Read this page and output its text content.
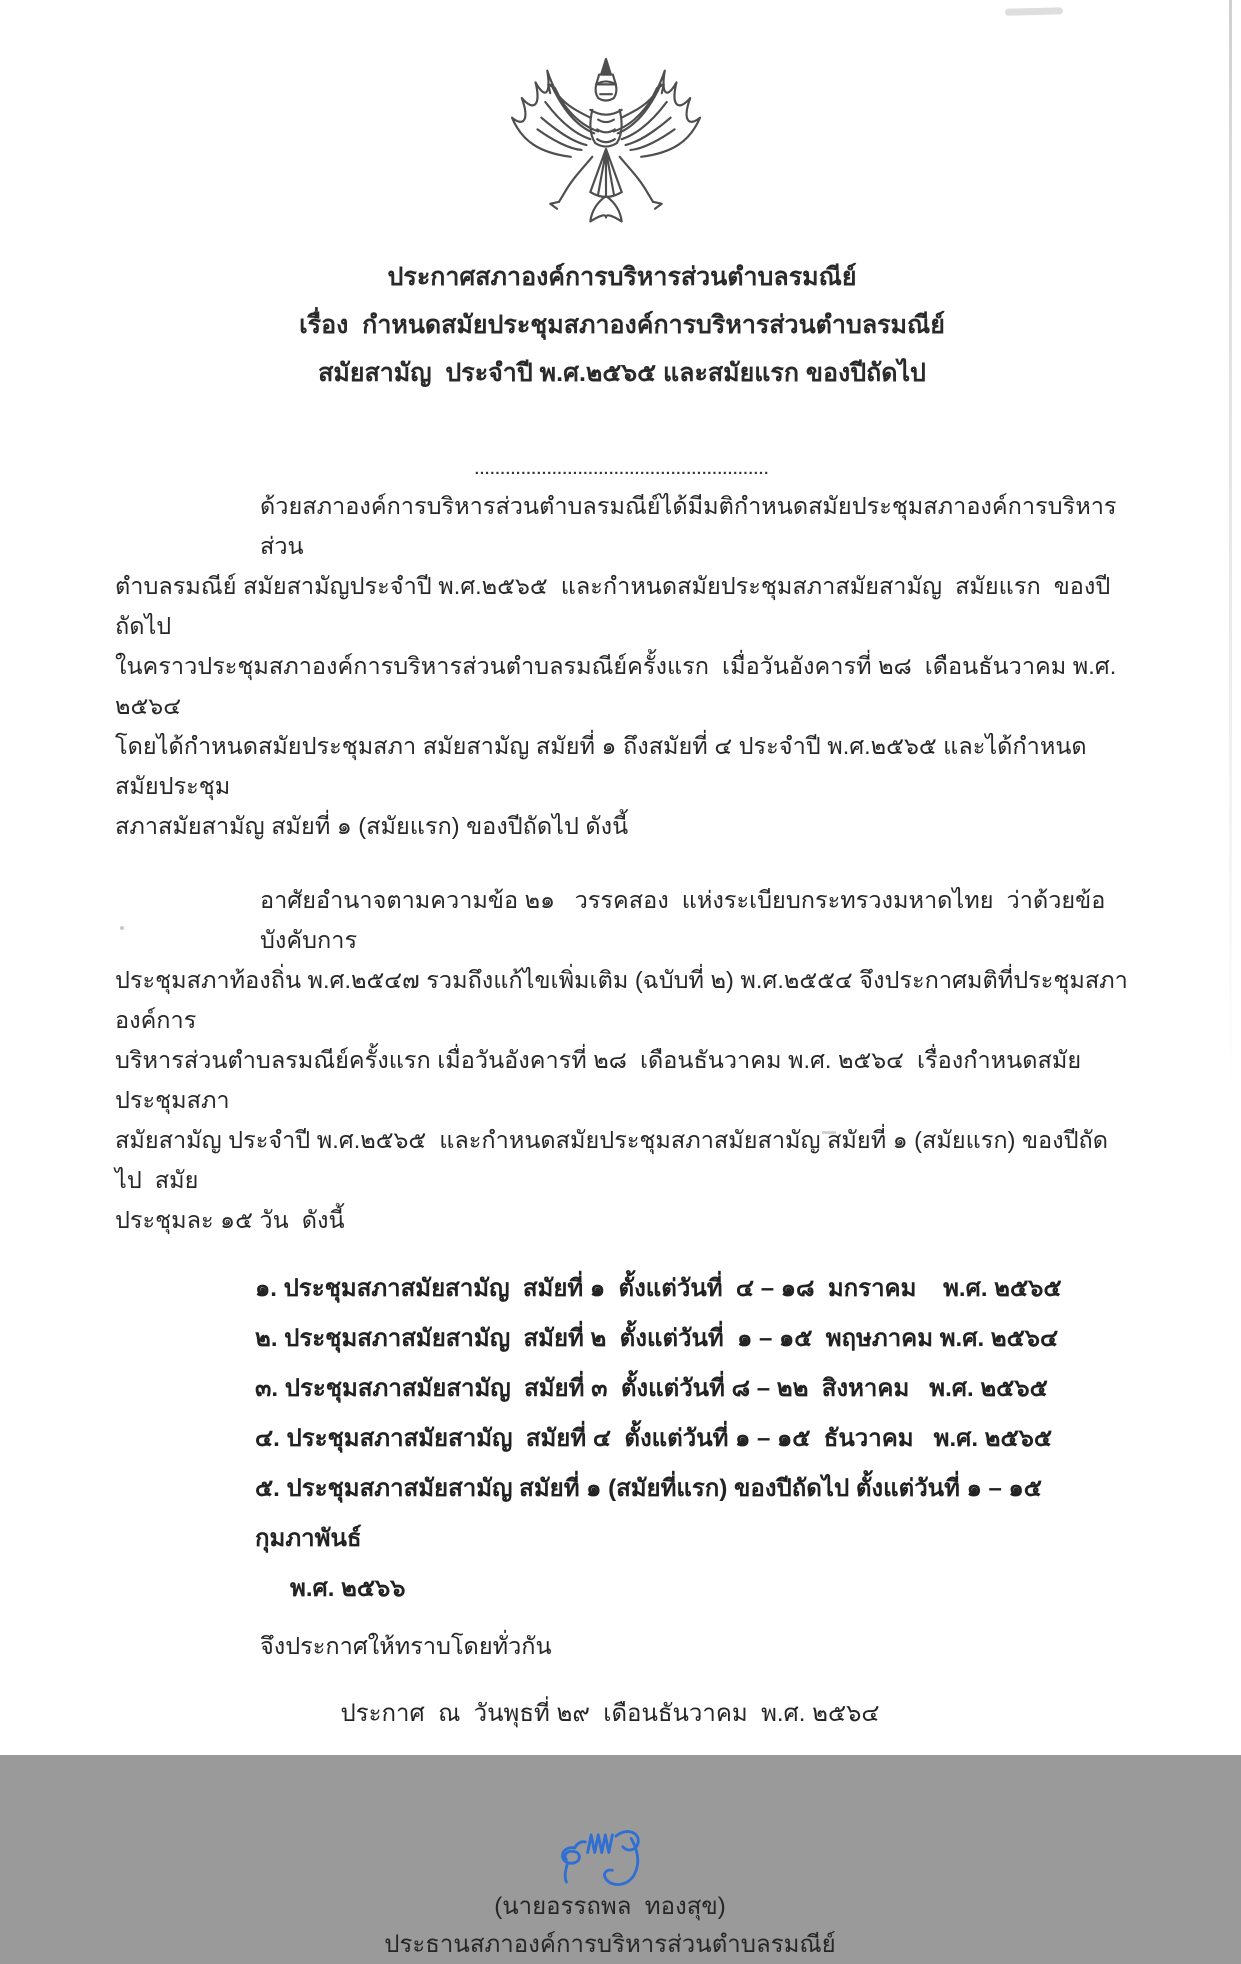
ประกาศสภาองค์การบริหารส่วนตำบลรมณีย์
เรื่อง  กำหนดสมัยประชุมสภาองค์การบริหารส่วนตำบลรมณีย์
สมัยสามัญ  ประจำปี พ.ศ.๒๕๖๕ และสมัยแรก ของปีถัดไป
.........................................................
ด้วยสภาองค์การบริหารส่วนตำบลรมณีย์ได้มีมติกำหนดสมัยประชุมสภาองค์การบริหารส่วน
ตำบลรมณีย์ สมัยสามัญประจำปี พ.ศ.๒๕๖๕  และกำหนดสมัยประชุมสภาสมัยสามัญ  สมัยแรก  ของปีถัดไป
ในคราวประชุมสภาองค์การบริหารส่วนตำบลรมณีย์ครั้งแรก  เมื่อวันอังคารที่ ๒๘  เดือนธันวาคม พ.ศ. ๒๕๖๔
โดยได้กำหนดสมัยประชุมสภา สมัยสามัญ สมัยที่ ๑ ถึงสมัยที่ ๔ ประจำปี พ.ศ.๒๕๖๕ และได้กำหนดสมัยประชุม
สภาสมัยสามัญ สมัยที่ ๑ (สมัยแรก) ของปีถัดไป ดังนี้
อาศัยอำนาจตามความข้อ ๒๑   วรรคสอง  แห่งระเบียบกระทรวงมหาดไทย  ว่าด้วยข้อบังคับการ
ประชุมสภาท้องถิ่น พ.ศ.๒๕๔๗ รวมถึงแก้ไขเพิ่มเติม (ฉบับที่ ๒) พ.ศ.๒๕๕๔ จึงประกาศมติที่ประชุมสภาองค์การ
บริหารส่วนตำบลรมณีย์ครั้งแรก เมื่อวันอังคารที่ ๒๘  เดือนธันวาคม พ.ศ. ๒๕๖๔  เรื่องกำหนดสมัยประชุมสภา
สมัยสามัญ ประจำปี พ.ศ.๒๕๖๕  และกำหนดสมัยประชุมสภาสมัยสามัญ สมัยที่ ๑ (สมัยแรก) ของปีถัดไป  สมัย
ประชุมละ ๑๕ วัน  ดังนี้
๑. ประชุมสภาสมัยสามัญ  สมัยที่ ๑  ตั้งแต่วันที่  ๔ – ๑๘  มกราคม    พ.ศ. ๒๕๖๕
๒. ประชุมสภาสมัยสามัญ  สมัยที่ ๒  ตั้งแต่วันที่  ๑ – ๑๕  พฤษภาคม พ.ศ. ๒๕๖๔
๓. ประชุมสภาสมัยสามัญ  สมัยที่ ๓  ตั้งแต่วันที่ ๘ – ๒๒  สิงหาคม   พ.ศ. ๒๕๖๕
๔. ประชุมสภาสมัยสามัญ  สมัยที่ ๔  ตั้งแต่วันที่ ๑ – ๑๕  ธันวาคม   พ.ศ. ๒๕๖๕
๕. ประชุมสภาสมัยสามัญ สมัยที่ ๑ (สมัยที่แรก) ของปีถัดไป ตั้งแต่วันที่ ๑ – ๑๕ กุมภาพันธ์
พ.ศ. ๒๕๖๖
จึงประกาศให้ทราบโดยทั่วกัน
ประกาศ  ณ  วันพุธที่ ๒๙  เดือนธันวาคม  พ.ศ. ๒๕๖๔
(นายอรรถพล  ทองสุข)
ประธานสภาองค์การบริหารส่วนตำบลรมณีย์
